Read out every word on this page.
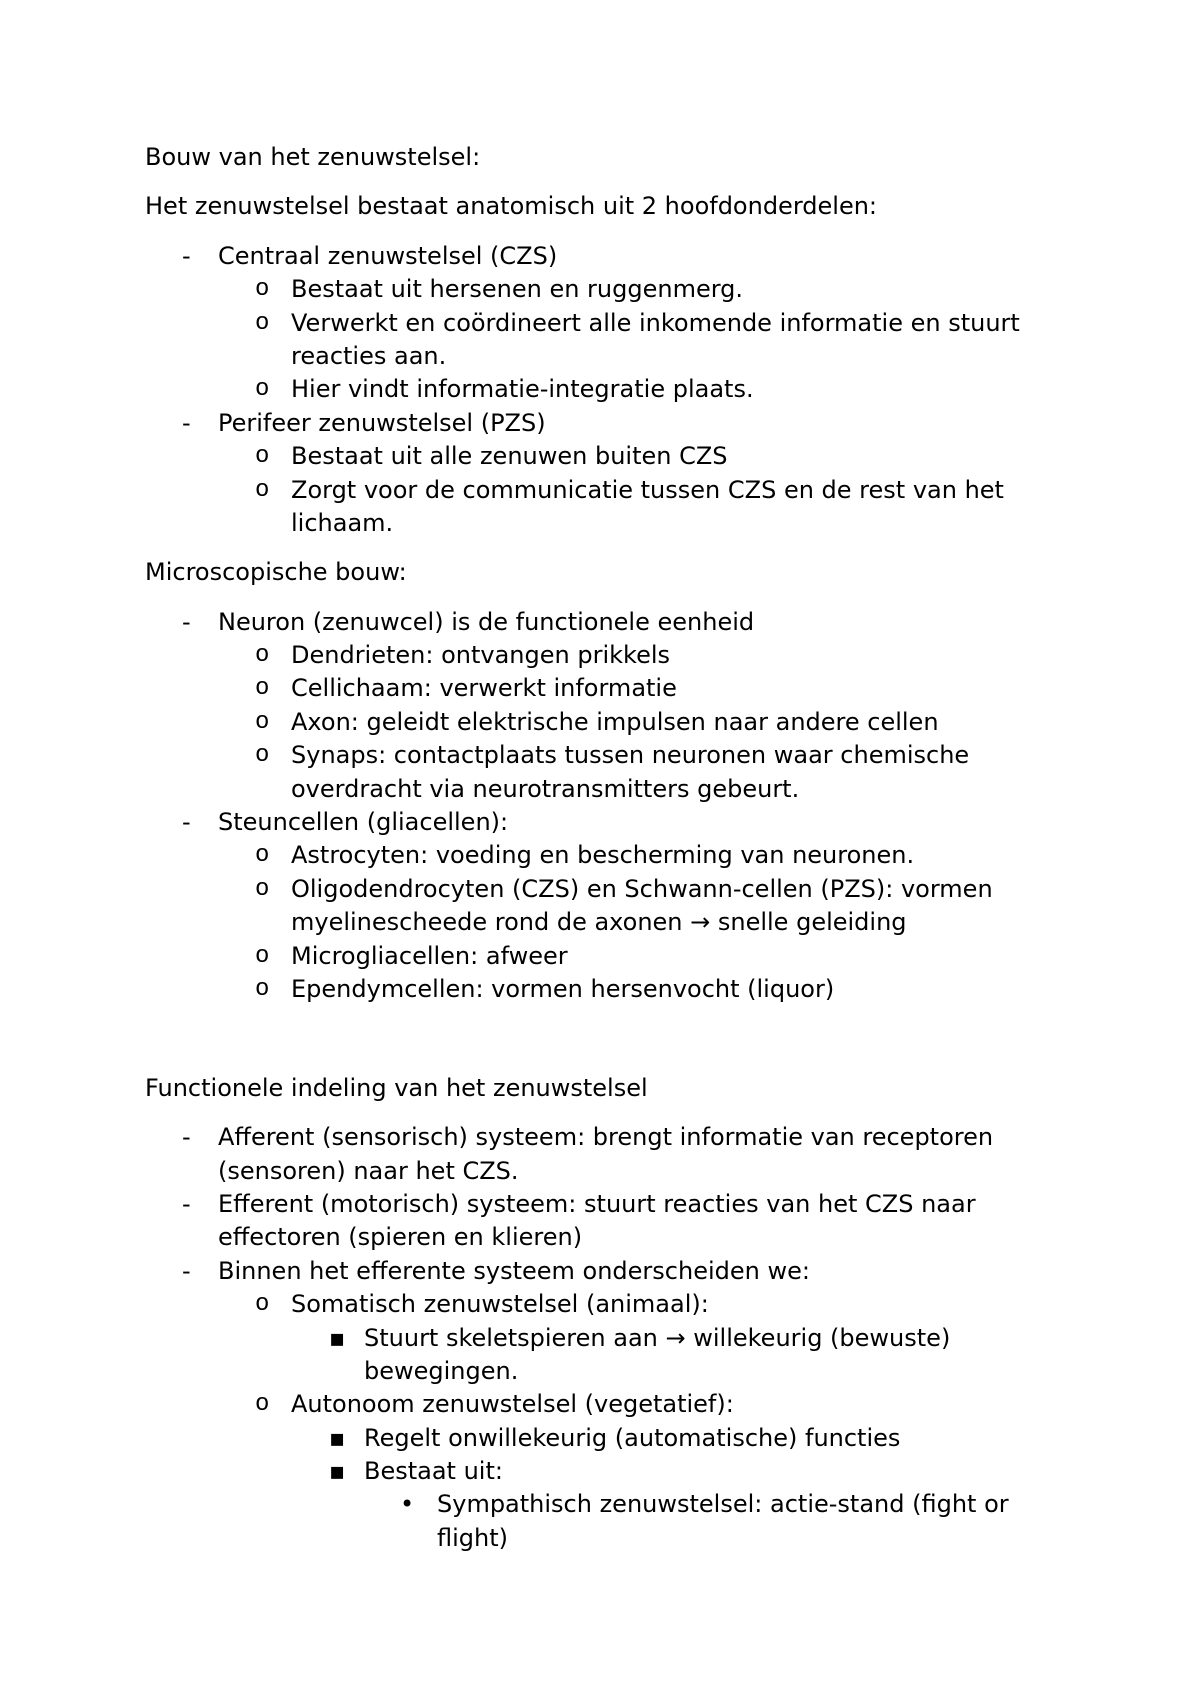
Bouw van het zenuwstelsel:
Het zenuwstelsel bestaat anatomisch uit 2 hoofdonderdelen:
- Centraal zenuwstelsel (CZS)
o Bestaat uit hersenen en ruggenmerg.
o Verwerkt en coördineert alle inkomende informatie en stuurt
reacties aan.
o Hier vindt informatie-integratie plaats.
- Perifeer zenuwstelsel (PZS)
o Bestaat uit alle zenuwen buiten CZS
o Zorgt voor de communicatie tussen CZS en de rest van het
lichaam.
Microscopische bouw:
- Neuron (zenuwcel) is de functionele eenheid
o Dendrieten: ontvangen prikkels
o Cellichaam: verwerkt informatie
o Axon: geleidt elektrische impulsen naar andere cellen
o Synaps: contactplaats tussen neuronen waar chemische
overdracht via neurotransmitters gebeurt.
- Steuncellen (gliacellen):
o Astrocyten: voeding en bescherming van neuronen.
o Oligodendrocyten (CZS) en Schwann-cellen (PZS): vormen
myelinescheede rond de axonen → snelle geleiding
o Microgliacellen: afweer
o Ependymcellen: vormen hersenvocht (liquor)
Functionele indeling van het zenuwstelsel
- Afferent (sensorisch) systeem: brengt informatie van receptoren
(sensoren) naar het CZS.
- Efferent (motorisch) systeem: stuurt reacties van het CZS naar
effectoren (spieren en klieren)
- Binnen het efferente systeem onderscheiden we:
o Somatisch zenuwstelsel (animaal):
▪ Stuurt skeletspieren aan → willekeurig (bewuste)
bewegingen.
o Autonoom zenuwstelsel (vegetatief):
▪ Regelt onwillekeurig (automatische) functies
▪ Bestaat uit:
• Sympathisch zenuwstelsel: actie-stand (fight or
flight)
